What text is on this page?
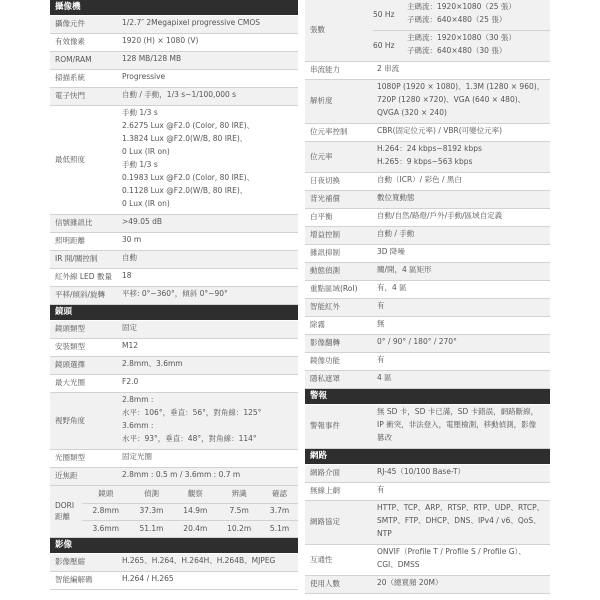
攝像機
攝像元件	1/2.7″ 2Megapixel progressive CMOS
有效像素	1920 (H) × 1080 (V)
ROM/RAM	128 MB/128 MB
掃描系統	Progressive
電子快門	自動 / 手動，1/3 s~1/100,000 s
最低照度
手動 1/3 s
2.6275 Lux @F2.0 (Color, 80 IRE)、
1.3824 Lux @F2.0(W/B, 80 IRE)、
0 Lux (IR on)
手動 1/3 s
0.1983 Lux @F2.0 (Color, 80 IRE)、
0.1128 Lux @F2.0(W/B, 80 IRE)、
0 Lux (IR on)
信號雜訊比	>49.05 dB
照明距離	30 m
IR 開/關控制	自動
紅外線 LED 數量	18
平移/傾斜/旋轉	平移: 0°~360°，傾斜 0°~90°
鏡頭
鏡頭類型	固定
安裝類型	M12
鏡頭選擇	2.8mm、3.6mm
最大光圈	F2.0
視野角度
2.8mm :
水平：106°，垂直：56°，對角線：125°
3.6mm :
水平：93°，垂直：48°，對角線：114°
光圈類型	固定光圈
近焦距	2.8mm : 0.5 m / 3.6mm : 0.7 m
DORI
距離
鏡頭	偵測	觀察	辨識	確認
2.8mm	37.3m	14.9m	7.5m	3.7m
3.6mm	51.1m	20.4m	10.2m	5.1m
影像
影像壓縮	H.265、H.264、H.264H、H.264B、MJPEG
智能編解碼	H.264 / H.265
張數
50 Hz
主碼流：1920×1080（25 張）
子碼流：640×480（25 張）
60 Hz
主碼流：1920×1080（30 張）
子碼流：640×480（30 張）
串流能力	2 串流
解析度
1080P (1920 × 1080)、1.3M (1280 × 960)、
720P (1280 ×720)、VGA (640 × 480)、
QVGA (320 × 240)
位元率控制	CBR(固定位元率) / VBR(可變位元率)
位元率
H.264：24 kbps~8192 kbps
H.265：9 kbps~563 kbps
日夜切換	自動（ICR）/ 彩色 / 黑白
背光補償	數位寬動態
白平衡	自動/自然/路燈/戶外/手動/區域自定義
增益控制	自動 / 手動
雜訊抑制	3D 降噪
動態偵測	關/開，4 區矩形
重點區域(RoI)	有，4 區
智能紅外	有
除霧	無
影像翻轉	0° / 90° / 180° / 270°
鏡像功能	有
隱私遮罩	4 區
警報
警報事件
無 SD 卡，SD 卡已滿，SD 卡錯誤，網路斷線，
IP 衝突，非法登入，電壓檢測，移動偵測，影像
篡改
網路
網路介面	RJ-45（10/100 Base-T）
無線上網	有
網路協定
HTTP、TCP、ARP、RTSP、RTP、UDP、RTCP、
SMTP、FTP、DHCP、DNS、IPv4 / v6、QoS、
NTP
互通性
ONVIF（Profile T / Profile S / Profile G）、
CGI、DMSS
使用人數	20（總寬頻 20M）
